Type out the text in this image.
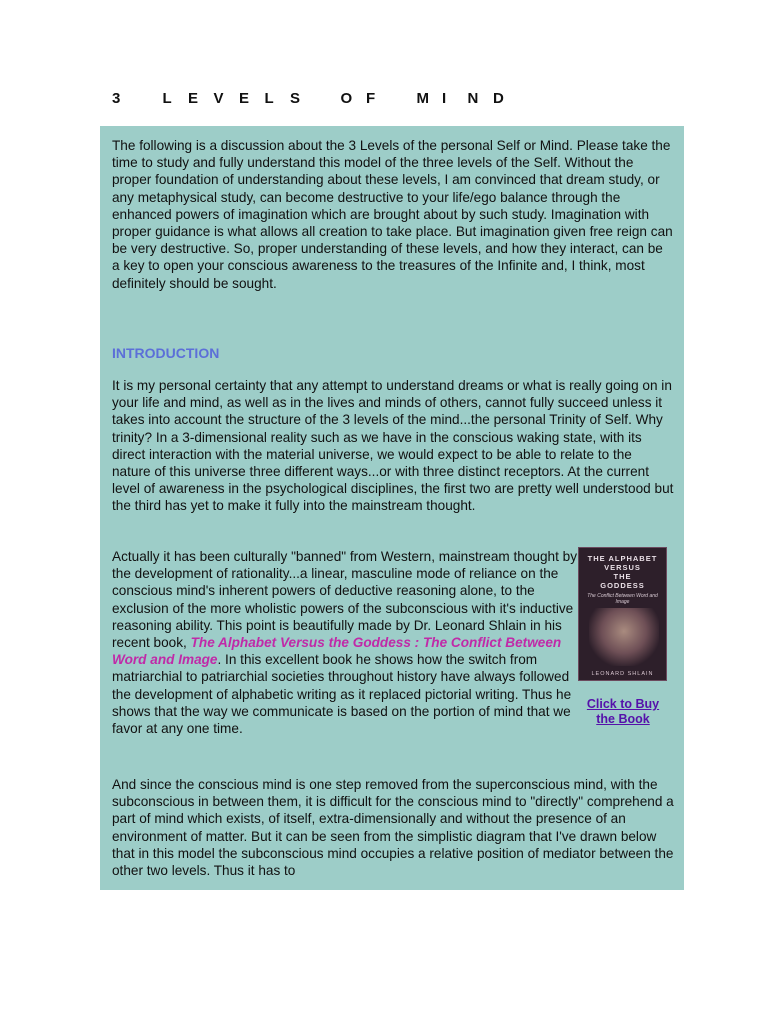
3	L E V E L S	O F	M I N D

The following is a discussion about the 3 Levels of the personal Self or Mind. Please take the time to study and fully understand this model of the three levels of the Self. Without the proper foundation of understanding about these levels, I am convinced that dream study, or any metaphysical study, can become destructive to your life/ego balance through the enhanced powers of imagination which are brought about by such study. Imagination with proper guidance is what allows all creation to take place. But imagination given free reign can be very destructive. So, proper understanding of these levels, and how they interact, can be a key to open your conscious awareness to the treasures of the Infinite and, I think, most definitely should be sought.

INTRODUCTION

It is my personal certainty that any attempt to understand dreams or what is really going on in your life and mind, as well as in the lives and minds of others, cannot fully succeed unless it takes into account the structure of the 3 levels of the mind...the personal Trinity of Self. Why trinity? In a 3-dimensional reality such as we have in the conscious waking state, with its direct interaction with the material universe, we would expect to be able to relate to the nature of this universe three different ways...or with three distinct receptors. At the current level of awareness in the psychological disciplines, the first two are pretty well understood but the third has yet to make it fully into the mainstream thought.

Actually it has been culturally "banned" from Western, mainstream thought by the development of rationality...a linear, masculine mode of reliance on the conscious mind's inherent powers of deductive reasoning alone, to the exclusion of the more wholistic powers of the subconscious with it's inductive reasoning ability. This point is beautifully made by Dr. Leonard Shlain in his recent book, The Alphabet Versus the Goddess : The Conflict Between Word and Image. In this excellent book he shows how the switch from matriarchial to patriarchial societies throughout history have always followed the development of alphabetic writing as it replaced pictorial writing. Thus he shows that the way we communicate is based on the portion of mind that we favor at any one time.

THE ALPHABET
VERSUS
THE
GODDESS
The Conflict Between Word and Image
LEONARD SHLAIN
Click to Buy
the Book

And since the conscious mind is one step removed from the superconscious mind, with the subconscious in between them, it is difficult for the conscious mind to "directly" comprehend a part of mind which exists, of itself, extra-dimensionally and without the presence of an environment of matter. But it can be seen from the simplistic diagram that I've drawn below that in this model the subconscious mind occupies a relative position of mediator between the other two levels. Thus it has to
